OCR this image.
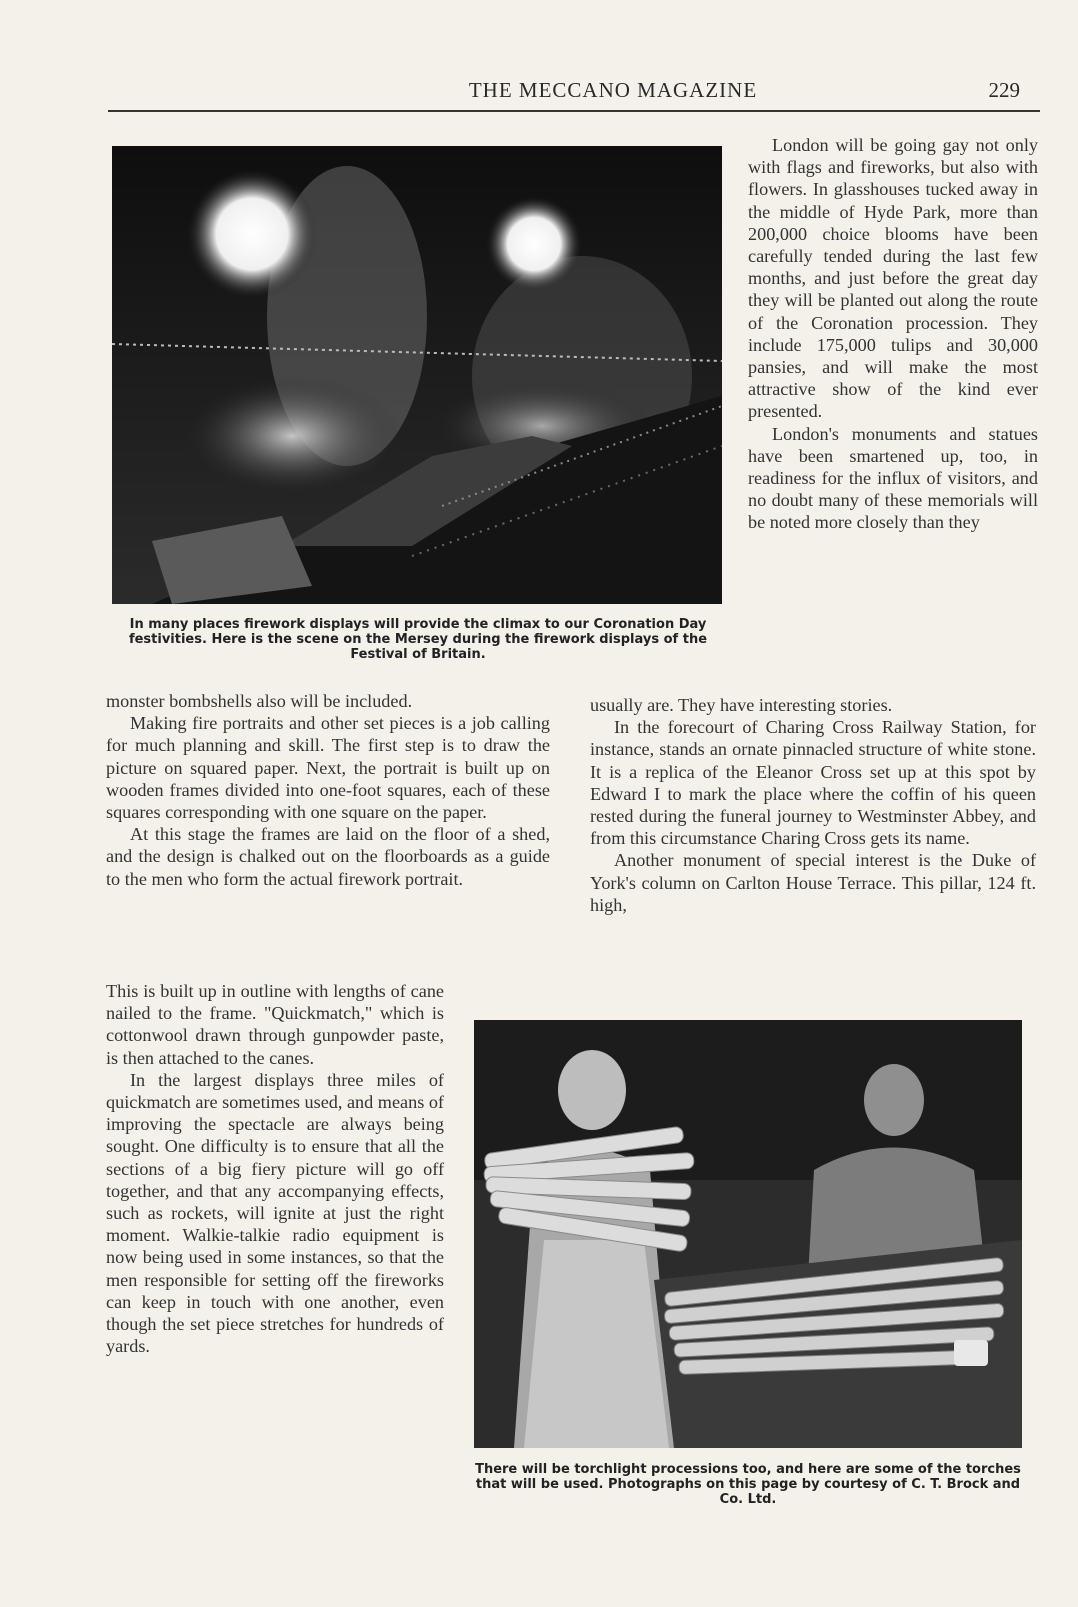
THE MECCANO MAGAZINE	229
In many places firework displays will provide the climax to our Coronation Day festivities. Here is the scene on the Mersey during the firework displays of the Festival of Britain.

London will be going gay not only with flags and fireworks, but also with flowers. In glasshouses tucked away in the middle of Hyde Park, more than 200,000 choice blooms have been carefully tended during the last few months, and just before the great day they will be planted out along the route of the Coronation procession. They include 175,000 tulips and 30,000 pansies, and will make the most attractive show of the kind ever presented.

London's monuments and statues have been smartened up, too, in readiness for the influx of visitors, and no doubt many of these memorials will be noted more closely than they

monster bombshells also will be included.

Making fire portraits and other set pieces is a job calling for much planning and skill. The first step is to draw the picture on squared paper. Next, the portrait is built up on wooden frames divided into one-foot squares, each of these squares corresponding with one square on the paper.

At this stage the frames are laid on the floor of a shed, and the design is chalked out on the floorboards as a guide to the men who form the actual firework portrait.

usually are. They have interesting stories.

In the forecourt of Charing Cross Railway Station, for instance, stands an ornate pinnacled structure of white stone. It is a replica of the Eleanor Cross set up at this spot by Edward I to mark the place where the coffin of his queen rested during the funeral journey to Westminster Abbey, and from this circumstance Charing Cross gets its name.

Another monument of special interest is the Duke of York's column on Carlton House Terrace. This pillar, 124 ft. high,

This is built up in outline with lengths of cane nailed to the frame. "Quickmatch," which is cottonwool drawn through gunpowder paste, is then attached to the canes.

In the largest displays three miles of quickmatch are sometimes used, and means of improving the spectacle are always being sought. One difficulty is to ensure that all the sections of a big fiery picture will go off together, and that any accompanying effects, such as rockets, will ignite at just the right moment. Walkie-talkie radio equipment is now being used in some instances, so that the men responsible for setting off the fireworks can keep in touch with one another, even though the set piece stretches for hundreds of yards.

There will be torchlight processions too, and here are some of the torches that will be used. Photographs on this page by courtesy of C. T. Brock and Co. Ltd.
